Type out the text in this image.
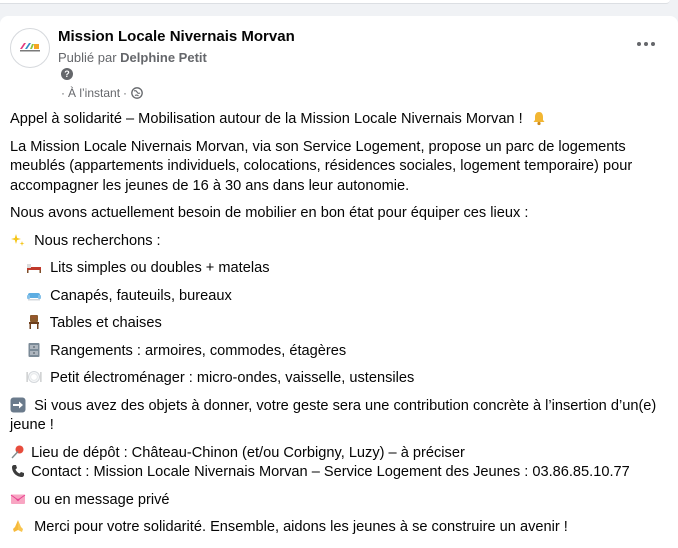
Mission Locale Nivernais Morvan
Publié par Delphine Petit
?
· À l’instant ·
Appel à solidarité – Mobilisation autour de la Mission Locale Nivernais Morvan !
La Mission Locale Nivernais Morvan, via son Service Logement, propose un parc de logements meublés (appartements individuels, colocations, résidences sociales, logement temporaire) pour accompagner les jeunes de 16 à 30 ans dans leur autonomie.
Nous avons actuellement besoin de mobilier en bon état pour équiper ces lieux :
Nous recherchons :
Lits simples ou doubles + matelas
Canapés, fauteuils, bureaux
Tables et chaises
Rangements : armoires, commodes, étagères
Petit électroménager : micro-ondes, vaisselle, ustensiles
Si vous avez des objets à donner, votre geste sera une contribution concrète à l’insertion d’un(e) jeune !
Lieu de dépôt : Château-Chinon (et/ou Corbigny, Luzy) – à préciser
Contact : Mission Locale Nivernais Morvan – Service Logement des Jeunes : 03.86.85.10.77
ou en message privé
Merci pour votre solidarité. Ensemble, aidons les jeunes à se construire un avenir !
